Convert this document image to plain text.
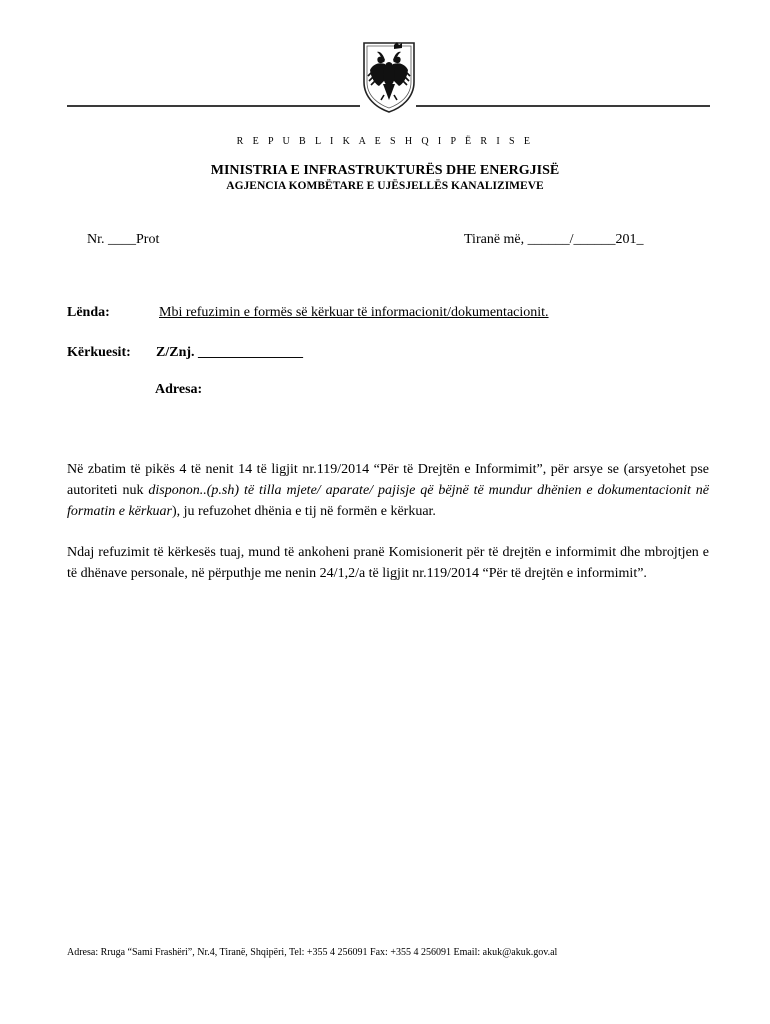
R E P U B L I K A E S H Q I P Ë R I S E
MINISTRIA E INFRASTRUKTURËS DHE ENERGJISË
AGJENCIA KOMBËTARE E UJËSJELLËS KANALIZIMEVE
Nr. ____Prot	Tiranë më, ______/______201_
Lënda:	Mbi refuzimin e formës së kërkuar të informacionit/dokumentacionit.
Kërkuesit: Z/Znj. _______________
Adresa:
Në zbatim të pikës 4 të nenit 14 të ligjit nr.119/2014 “Për të Drejtën e Informimit”, për arsye se (arsyetohet pse autoriteti nuk disponon..(p.sh) të tilla mjete/ aparate/ pajisje që bëjnë të mundur dhënien e dokumentacionit në formatin e kërkuar), ju refuzohet dhënia e tij në formën e kërkuar.
Ndaj refuzimit të kërkesës tuaj, mund të ankoheni pranë Komisionerit për të drejtën e informimit dhe mbrojtjen e të dhënave personale, në përputhje me nenin 24/1,2/a të ligjit nr.119/2014 “Për të drejtën e informimit”.
Adresa: Rruga “Sami Frashëri”, Nr.4, Tiranë, Shqipëri, Tel: +355 4 256091 Fax: +355 4 256091 Email: akuk@akuk.gov.al
